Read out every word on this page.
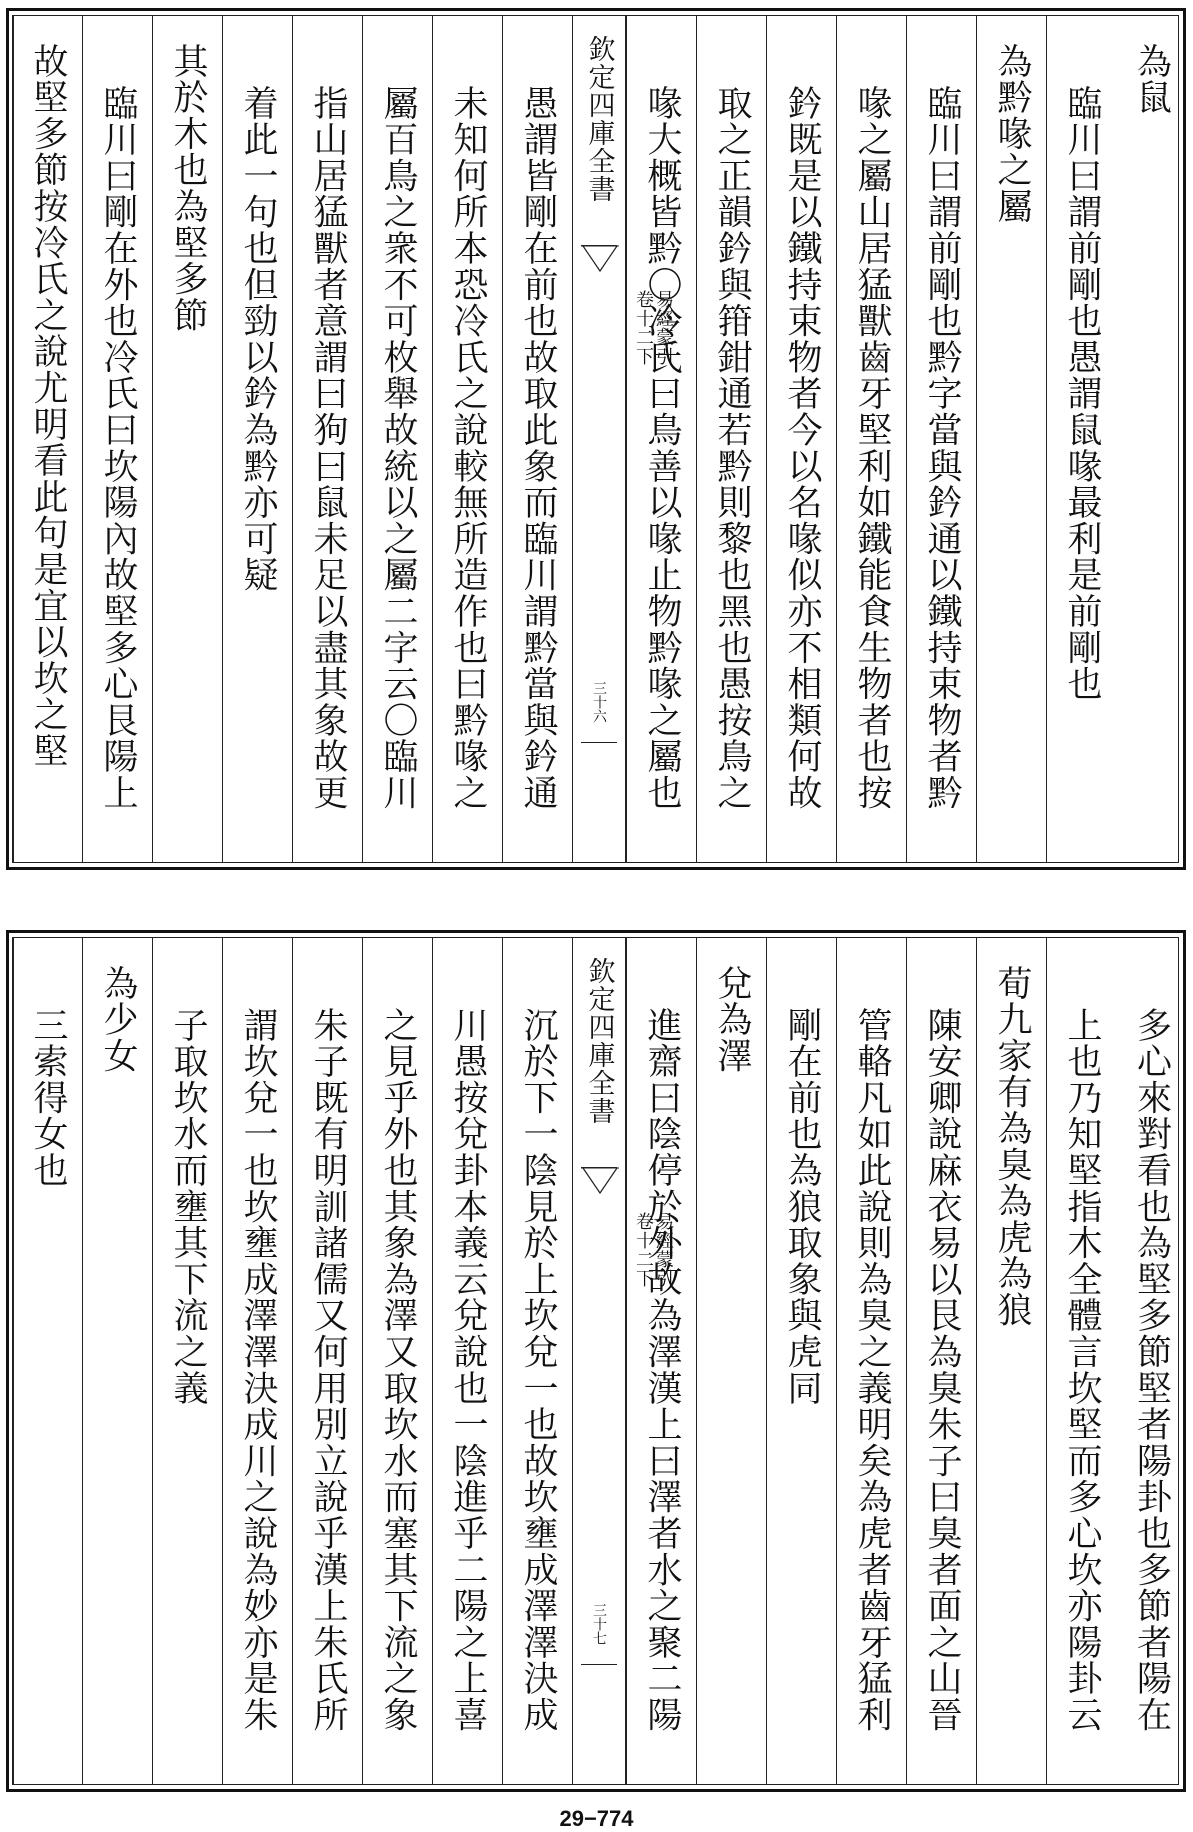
為鼠
臨川曰謂前剛也愚謂鼠喙最利是前剛也
為黔喙之屬
臨川曰謂前剛也黔字當與鈐通以鐵持束物者黔
喙之屬山居猛獸齒牙堅利如鐵能食生物者也按
鈐既是以鐵持束物者今以名喙似亦不相類何故
取之正韻鈐與箝鉗通若黔則黎也黑也愚按鳥之
喙大概皆黔〇冷氏曰鳥善以喙止物黔喙之屬也
欽定四庫全書
易經蒙引
卷十二下
三十六
愚謂皆剛在前也故取此象而臨川謂黔當與鈐通
未知何所本恐冷氏之說較無所造作也曰黔喙之
屬百鳥之衆不可枚舉故統以之屬二字云〇臨川
指山居猛獸者意謂曰狗曰鼠未足以盡其象故更
着此一句也但勁以鈐為黔亦可疑
其於木也為堅多節
臨川曰剛在外也冷氏曰坎陽內故堅多心艮陽上
故堅多節按冷氏之說尤明看此句是宜以坎之堅
多心來對看也為堅多節堅者陽卦也多節者陽在
上也乃知堅指木全體言坎堅而多心坎亦陽卦云
荀九家有為臭為虎為狼
陳安卿說麻衣易以艮為臭朱子曰臭者面之山晉
管輅凡如此說則為臭之義明矣為虎者齒牙猛利
剛在前也為狼取象與虎同
兌為澤
進齋曰陰停於外故為澤漢上曰澤者水之聚二陽
欽定四庫全書
易經蒙引
卷十二下
三十七
沉於下一陰見於上坎兌一也故坎壅成澤澤決成
川愚按兌卦本義云兌說也一陰進乎二陽之上喜
之見乎外也其象為澤又取坎水而塞其下流之象
朱子既有明訓諸儒又何用別立說乎漢上朱氏所
謂坎兌一也坎壅成澤澤決成川之說為妙亦是朱
子取坎水而壅其下流之義
為少女
三索得女也
29−774
